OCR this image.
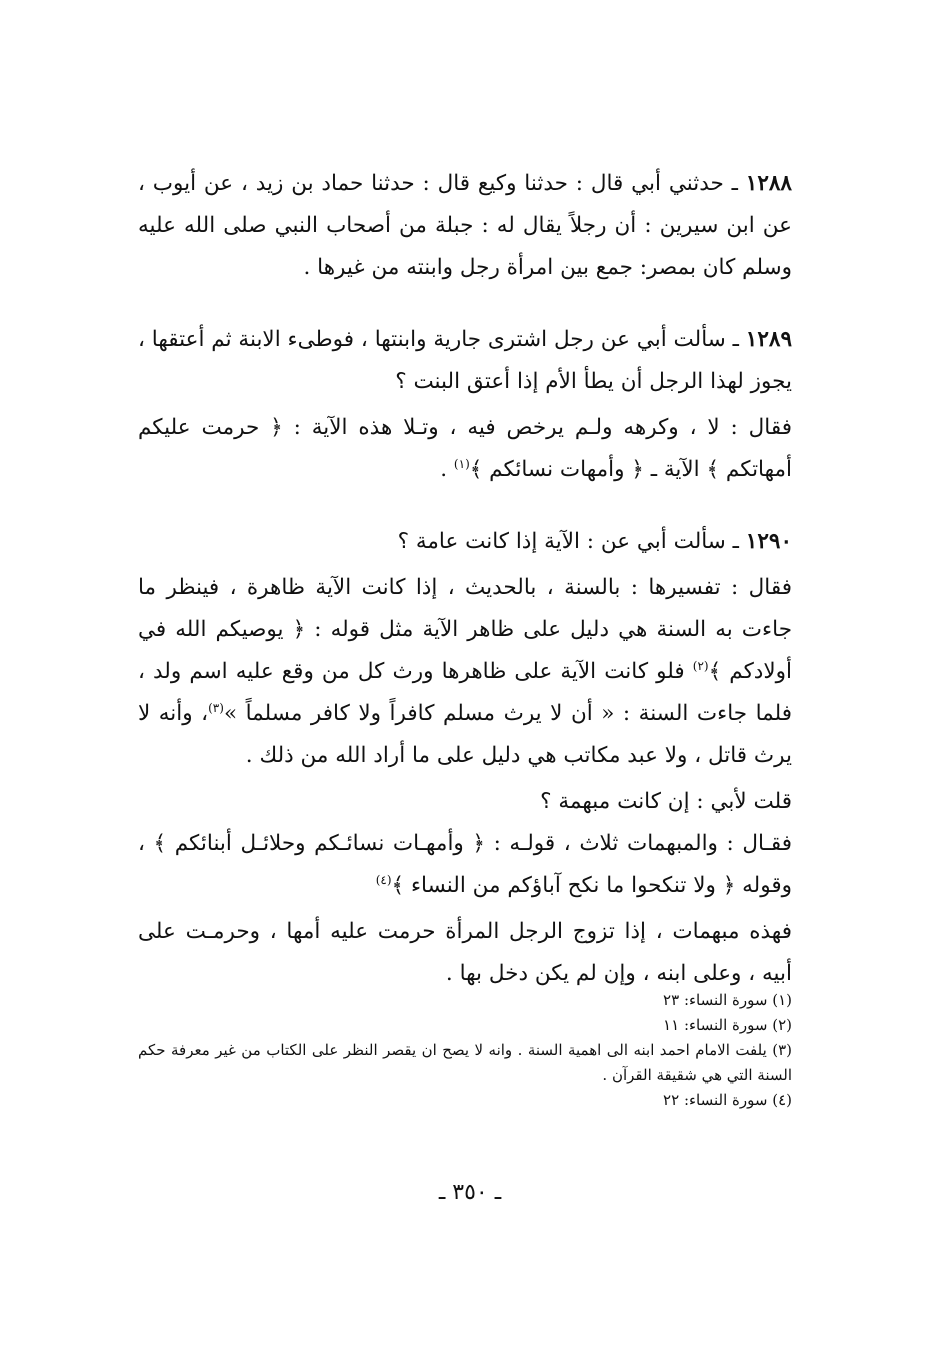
١٢٨٨ ـ حدثني أبي قال : حدثنا وكيع قال : حدثنا حماد بن زيد ، عن أيوب ، عن ابن سيرين : أن رجلاً يقال له : جبلة من أصحاب النبي صلى الله عليه وسلم كان بمصر: جمع بين امرأة رجل وابنته من غيرها .

١٢٨٩ ـ سألت أبي عن رجل اشترى جارية وابنتها ، فوطىء الابنة ثم أعتقها ، يجوز لهذا الرجل أن يطأ الأم إذا أعتق البنت ؟

فقال : لا ، وكرهه ولـم يرخص فيه ، وتـلا هذه الآية : ﴿ حرمت عليكم أمهاتكم ﴾ الآية ـ ﴿ وأمهات نسائكم ﴾$^{(١)}$ .

١٢٩٠ ـ سألت أبي عن : الآية إذا كانت عامة ؟

فقال : تفسيرها : بالسنة ، بالحديث ، إذا كانت الآية ظاهرة ، فينظر ما جاءت به السنة هي دليل على ظاهر الآية مثل قوله : ﴿ يوصيكم الله في أولادكم ﴾$^{(٢)}$ فلو كانت الآية على ظاهرها ورث كل من وقع عليه اسم ولد ، فلما جاءت السنة : « أن لا يرث مسلم كافراً ولا كافر مسلماً »$^{(٣)}$، وأنه لا يرث قاتل ، ولا عبد مكاتب هي دليل على ما أراد الله من ذلك .

قلت لأبي : إن كانت مبهمة ؟

فقـال : والمبهمات ثلاث ، قولـه : ﴿ وأمهـات نسائـكم وحلائـل أبنائكم ﴾ ، وقوله ﴿ ولا تنكحوا ما نكح آباؤكم من النساء ﴾$^{(٤)}$

فهذه مبهمات ، إذا تزوج الرجل المرأة حرمت عليه أمها ، وحرمـت على أبيه ، وعلى ابنه ، وإن لم يكن دخل بها .

(١) سورة النساء: ٢٣

(٢) سورة النساء: ١١

(٣) يلفت الامام احمد ابنه الى اهمية السنة . وانه لا يصح ان يقصر النظر على الكتاب من غير معرفة حكم السنة التي هي شقيقة القرآن .

(٤) سورة النساء: ٢٢

ـ ٣٥٠ ـ
